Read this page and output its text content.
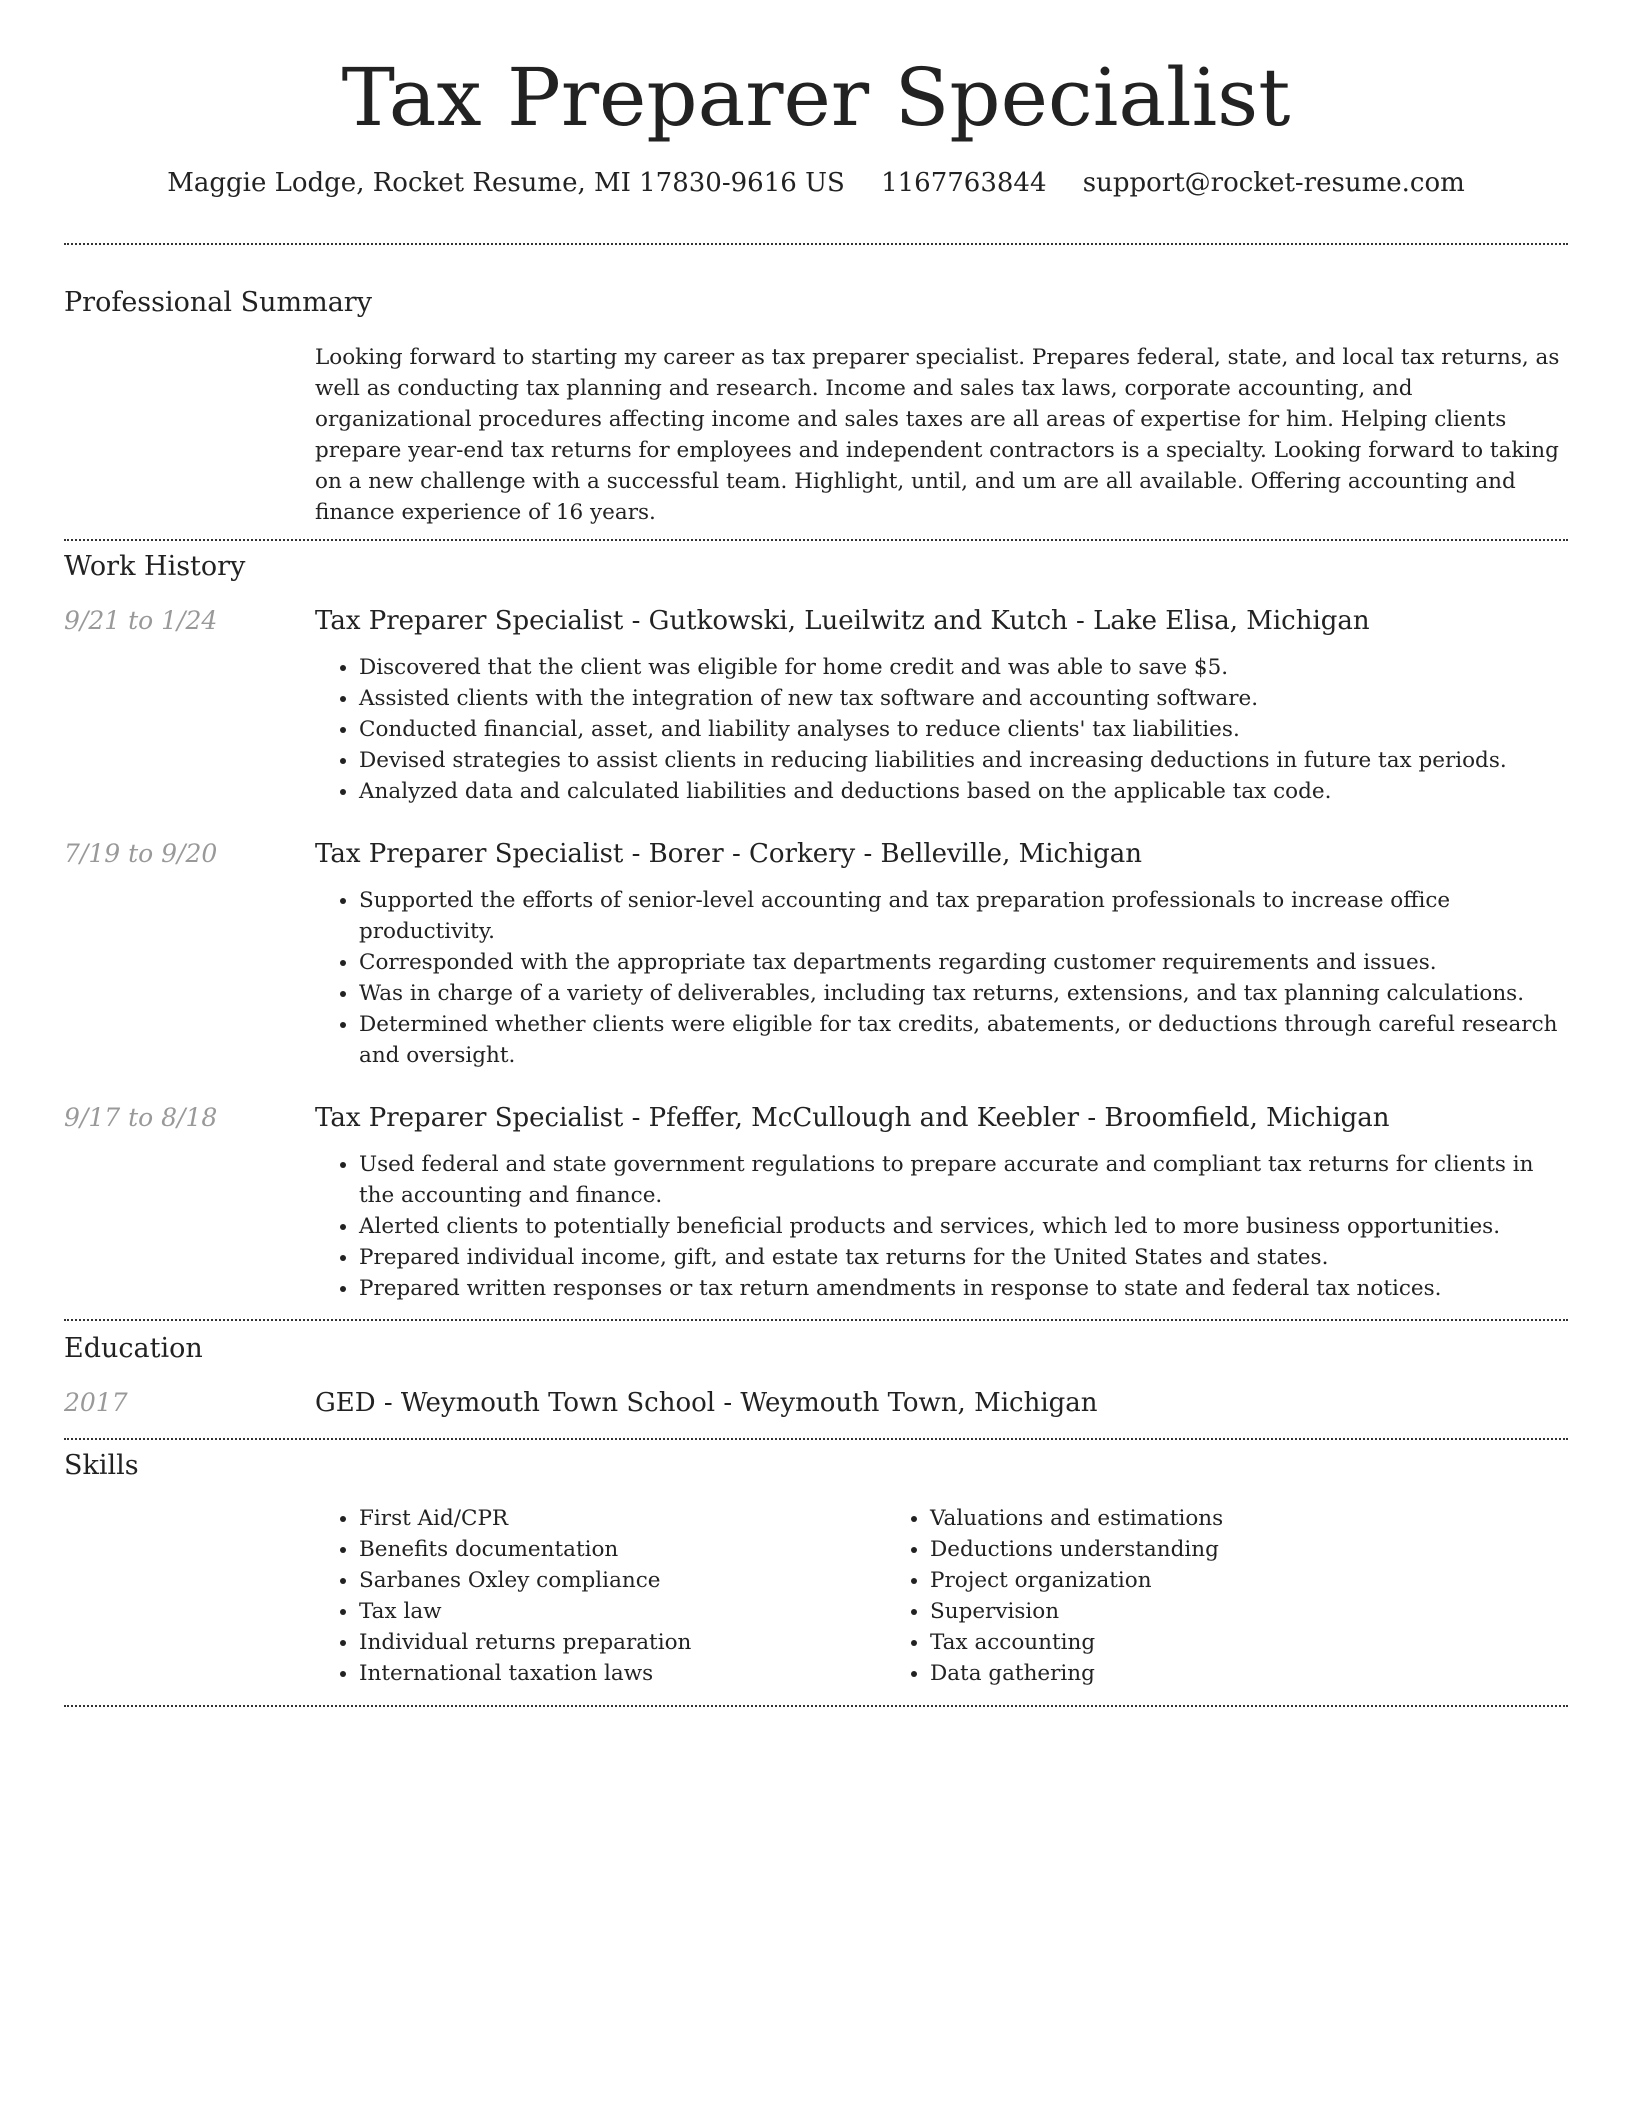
Tax Preparer Specialist
Maggie Lodge, Rocket Resume, MI 17830-9616 US 1167763844 support@rocket-resume.com
Professional Summary
Looking forward to starting my career as tax preparer specialist. Prepares federal, state, and local tax returns, as well as conducting tax planning and research. Income and sales tax laws, corporate accounting, and organizational procedures affecting income and sales taxes are all areas of expertise for him. Helping clients prepare year-end tax returns for employees and independent contractors is a specialty. Looking forward to taking on a new challenge with a successful team. Highlight, until, and um are all available. Offering accounting and finance experience of 16 years.
Work History
9/21 to 1/24	Tax Preparer Specialist - Gutkowski, Lueilwitz and Kutch - Lake Elisa, Michigan
• Discovered that the client was eligible for home credit and was able to save $5.
• Assisted clients with the integration of new tax software and accounting software.
• Conducted financial, asset, and liability analyses to reduce clients' tax liabilities.
• Devised strategies to assist clients in reducing liabilities and increasing deductions in future tax periods.
• Analyzed data and calculated liabilities and deductions based on the applicable tax code.
7/19 to 9/20	Tax Preparer Specialist - Borer - Corkery - Belleville, Michigan
• Supported the efforts of senior-level accounting and tax preparation professionals to increase office productivity.
• Corresponded with the appropriate tax departments regarding customer requirements and issues.
• Was in charge of a variety of deliverables, including tax returns, extensions, and tax planning calculations.
• Determined whether clients were eligible for tax credits, abatements, or deductions through careful research and oversight.
9/17 to 8/18	Tax Preparer Specialist - Pfeffer, McCullough and Keebler - Broomfield, Michigan
• Used federal and state government regulations to prepare accurate and compliant tax returns for clients in the accounting and finance.
• Alerted clients to potentially beneficial products and services, which led to more business opportunities.
• Prepared individual income, gift, and estate tax returns for the United States and states.
• Prepared written responses or tax return amendments in response to state and federal tax notices.
Education
2017	GED - Weymouth Town School - Weymouth Town, Michigan
Skills
• First Aid/CPR
• Benefits documentation
• Sarbanes Oxley compliance
• Tax law
• Individual returns preparation
• International taxation laws
• Valuations and estimations
• Deductions understanding
• Project organization
• Supervision
• Tax accounting
• Data gathering
